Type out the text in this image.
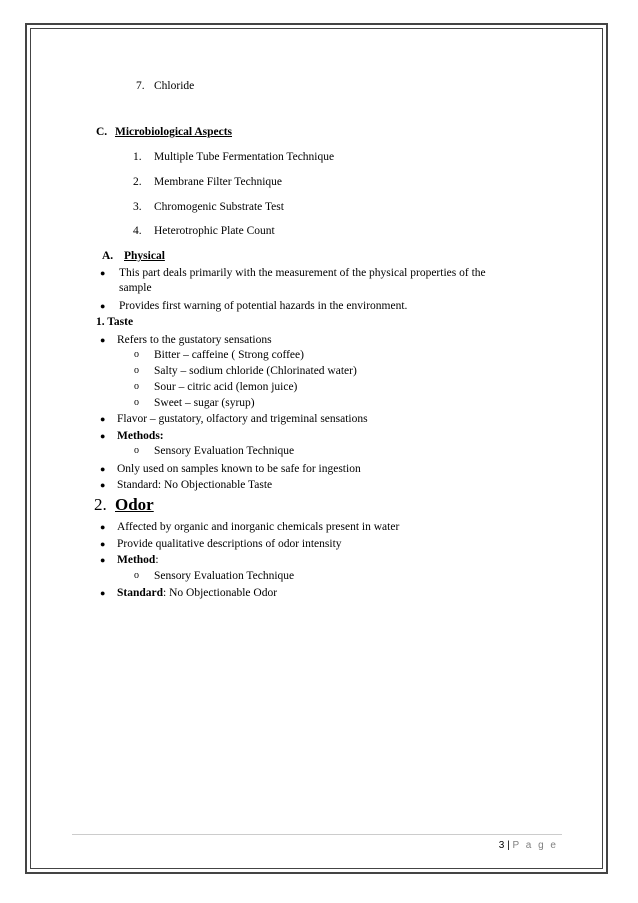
7. Chloride
C. Microbiological Aspects
1. Multiple Tube Fermentation Technique
2. Membrane Filter Technique
3. Chromogenic Substrate Test
4. Heterotrophic Plate Count
A. Physical
● This part deals primarily with the measurement of the physical properties of the
sample
● Provides first warning of potential hazards in the environment.
1. Taste
● Refers to the gustatory sensations
o Bitter – caffeine ( Strong coffee)
o Salty – sodium chloride (Chlorinated water)
o Sour – citric acid (lemon juice)
o Sweet – sugar (syrup)
● Flavor – gustatory, olfactory and trigeminal sensations
● Methods:
o Sensory Evaluation Technique
● Only used on samples known to be safe for ingestion
● Standard: No Objectionable Taste
2. Odor
● Affected by organic and inorganic chemicals present in water
● Provide qualitative descriptions of odor intensity
● Method:
o Sensory Evaluation Technique
● Standard: No Objectionable Odor
3 | P a g e
